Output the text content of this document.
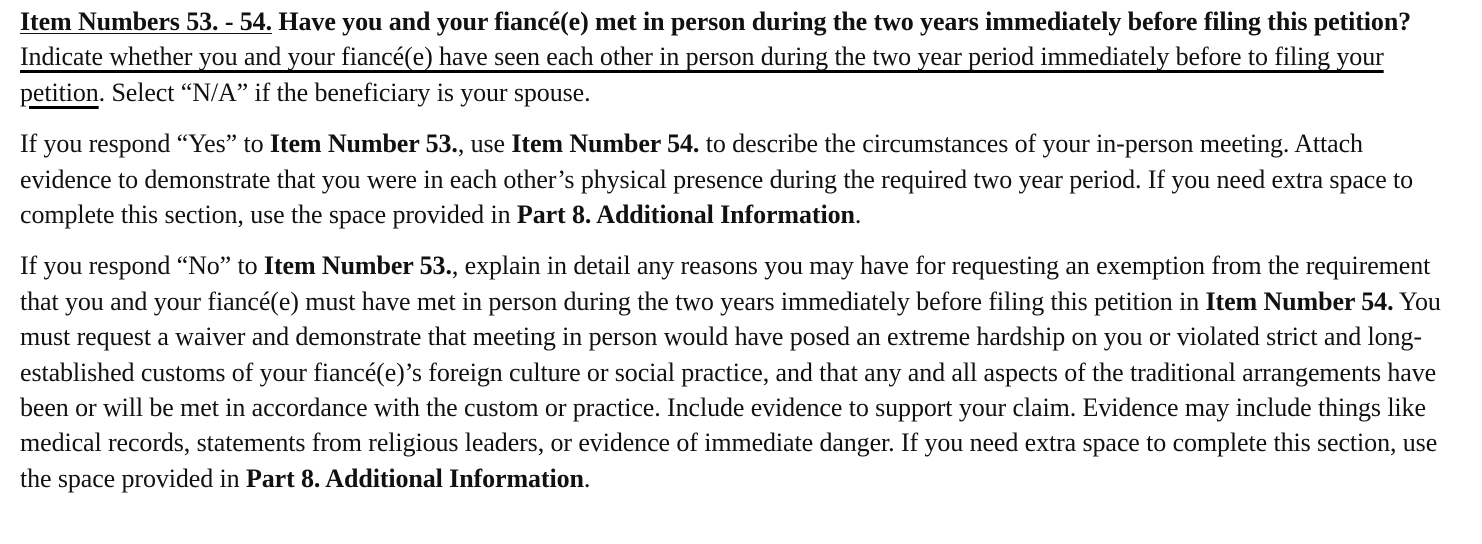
Item Numbers 53. - 54. Have you and your fiancé(e) met in person during the two years immediately before filing this petition? Indicate whether you and your fiancé(e) have seen each other in person during the two year period immediately before to filing your petition. Select “N/A” if the beneficiary is your spouse.

If you respond “Yes” to Item Number 53., use Item Number 54. to describe the circumstances of your in-person meeting. Attach evidence to demonstrate that you were in each other’s physical presence during the required two year period. If you need extra space to complete this section, use the space provided in Part 8. Additional Information.

If you respond “No” to Item Number 53., explain in detail any reasons you may have for requesting an exemption from the requirement that you and your fiancé(e) must have met in person during the two years immediately before filing this petition in Item Number 54. You must request a waiver and demonstrate that meeting in person would have posed an extreme hardship on you or violated strict and long-established customs of your fiancé(e)’s foreign culture or social practice, and that any and all aspects of the traditional arrangements have been or will be met in accordance with the custom or practice. Include evidence to support your claim. Evidence may include things like medical records, statements from religious leaders, or evidence of immediate danger. If you need extra space to complete this section, use the space provided in Part 8. Additional Information.
